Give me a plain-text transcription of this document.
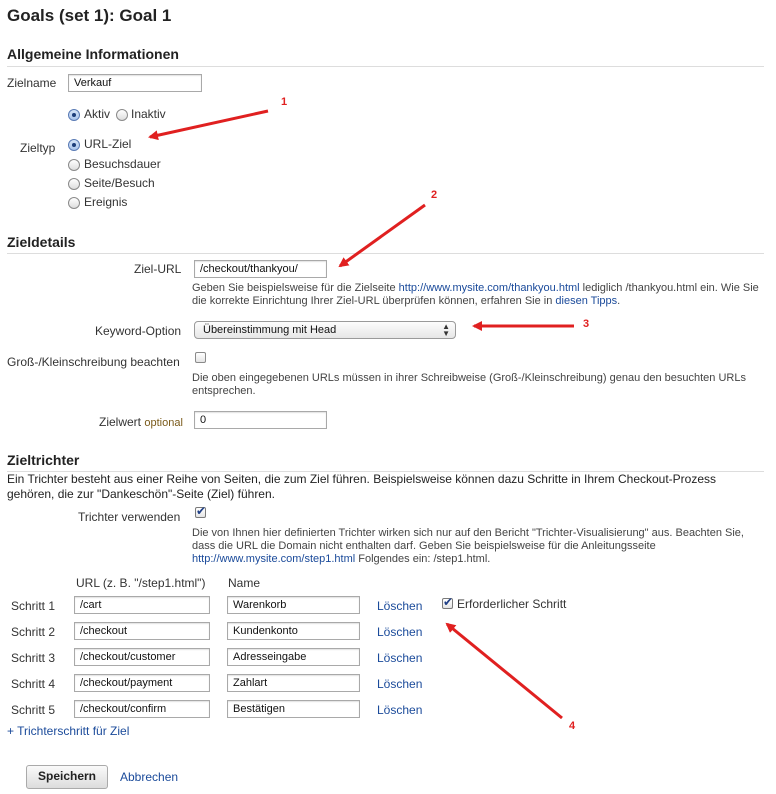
Goals (set 1): Goal 1
Allgemeine Informationen
Zielname	Verkauf
Aktiv Inaktiv
Zieltyp URL-Ziel
Besuchsdauer
Seite/Besuch
Ereignis
Zieldetails
Ziel-URL	/checkout/thankyou/
Geben Sie beispielsweise für die Zielseite http://www.mysite.com/thankyou.html lediglich /thankyou.html ein. Wie Sie die korrekte Einrichtung Ihrer Ziel-URL überprüfen können, erfahren Sie in diesen Tipps.
Keyword-Option	Übereinstimmung mit Head	▲
▼
Groß-/Kleinschreibung beachten
Die oben eingegebenen URLs müssen in ihrer Schreibweise (Groß-/Kleinschreibung) genau den besuchten URLs entsprechen.
Zielwert optional	0
Zieltrichter
Ein Trichter besteht aus einer Reihe von Seiten, die zum Ziel führen. Beispielsweise können dazu Schritte in Ihrem Checkout-Prozess gehören, die zur "Dankeschön"-Seite (Ziel) führen.
Trichter verwenden
✔
Die von Ihnen hier definierten Trichter wirken sich nur auf den Bericht "Trichter-Visualisierung" aus. Beachten Sie, dass die URL die Domain nicht enthalten darf. Geben Sie beispielsweise für die Anleitungsseite http://www.mysite.com/step1.html Folgendes ein: /step1.html.
URL (z. B. "/step1.html") Name
Schritt 1	/cart	Warenkorb	Löschen
Schritt 2	/checkout	Kundenkonto	Löschen
Schritt 3	/checkout/customer	Adresseingabe	Löschen
Schritt 4	/checkout/payment	Zahlart	Löschen
Schritt 5	/checkout/confirm	Bestätigen	Löschen
✔
Erforderlicher Schritt
+ Trichterschritt für Ziel
Speichern	Abbrechen
1
2
3
4
